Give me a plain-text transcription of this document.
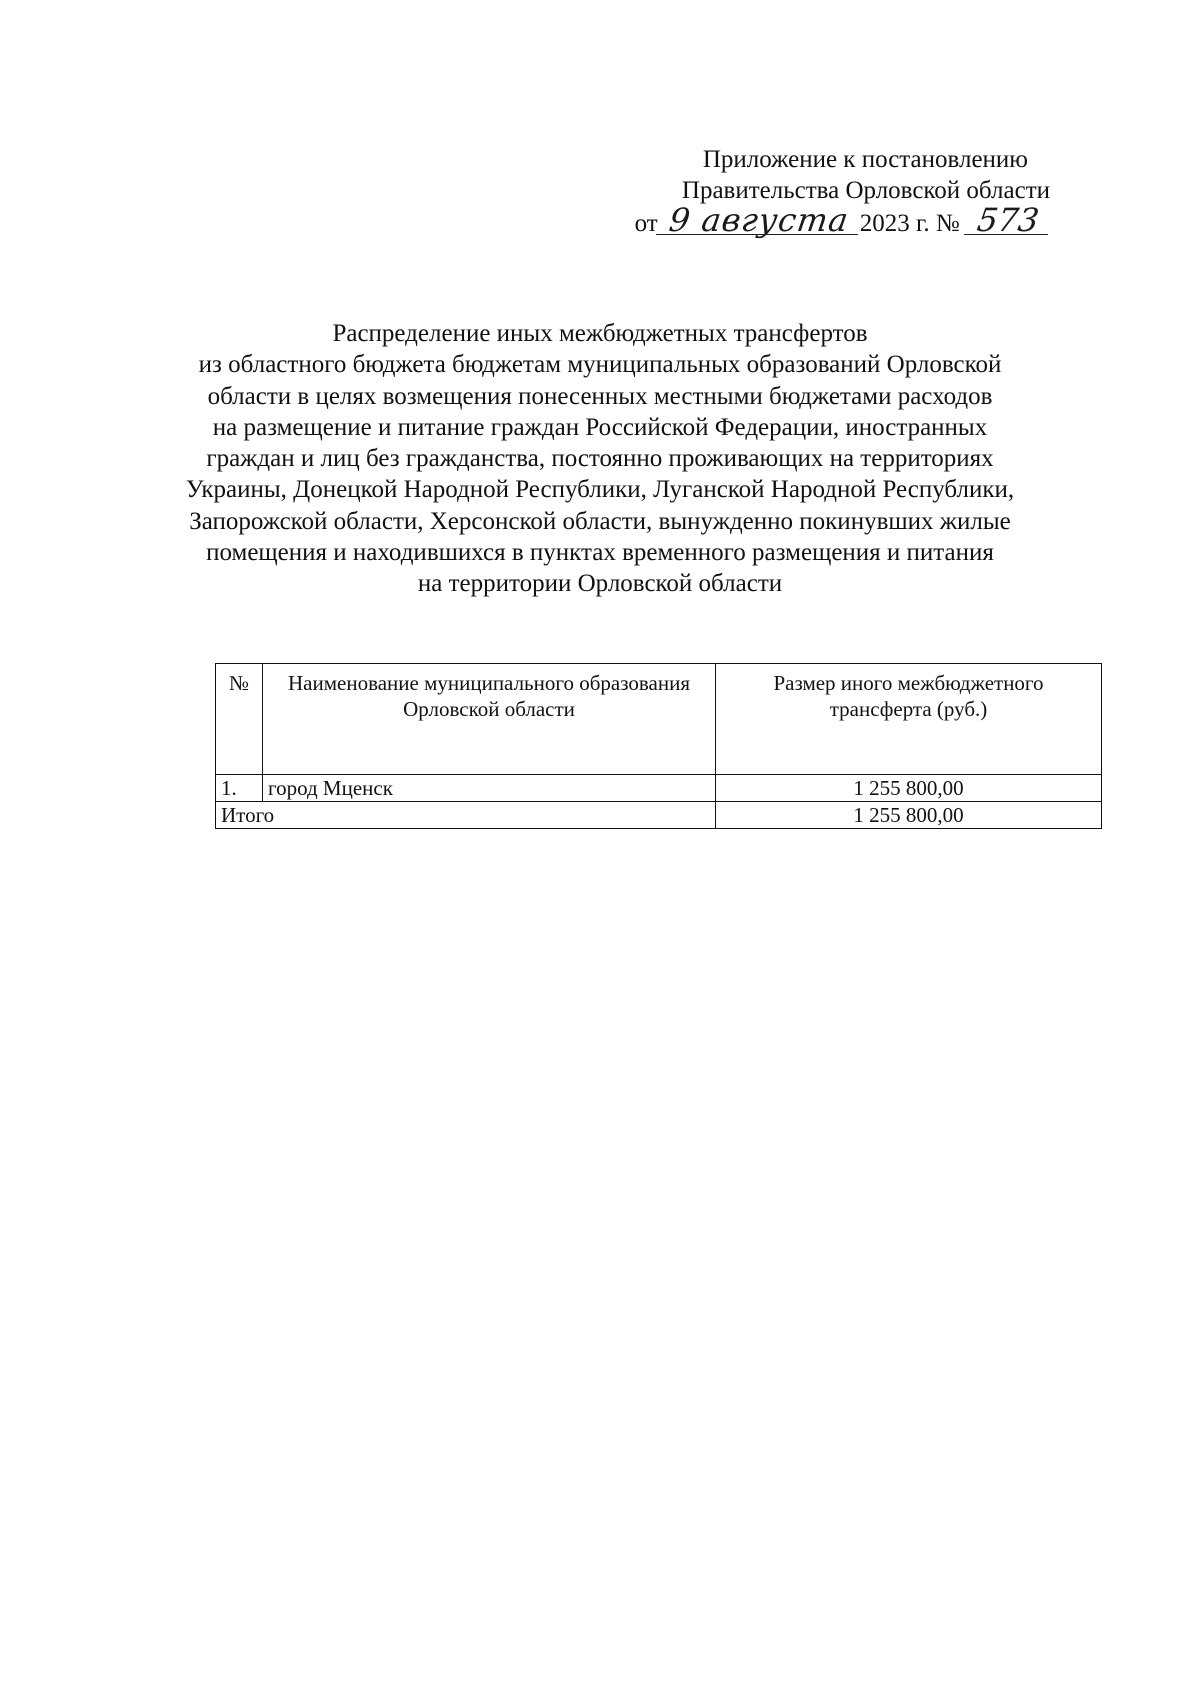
Приложение к постановлению
Правительства Орловской области
от 9 августа 2023 г. № 573
Распределение иных межбюджетных трансфертов
из областного бюджета бюджетам муниципальных образований Орловской
области в целях возмещения понесенных местными бюджетами расходов
на размещение и питание граждан Российской Федерации, иностранных
граждан и лиц без гражданства, постоянно проживающих на территориях
Украины, Донецкой Народной Республики, Луганской Народной Республики,
Запорожской области, Херсонской области, вынужденно покинувших жилые
помещения и находившихся в пунктах временного размещения и питания
на территории Орловской области
№	Наименование муниципального образования Орловской области	Размер иного межбюджетного трансферта (руб.)
1.	город Мценск	1 255 800,00
Итого		1 255 800,00
